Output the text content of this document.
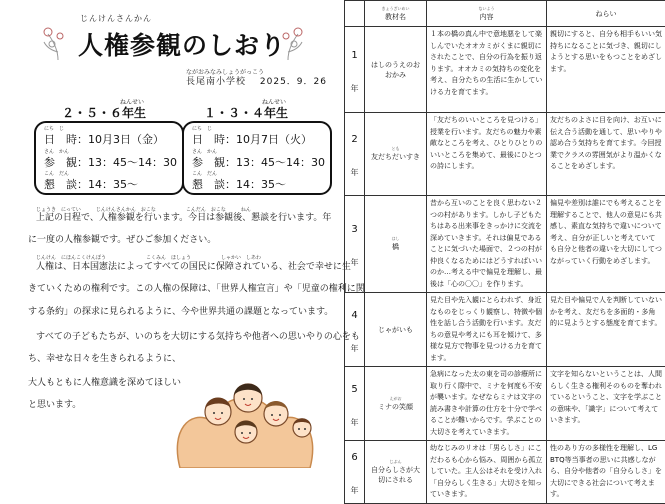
じんけんさんかん
人権参観のしおり
ながおみなみしょうがっこう
長尾南小学校 2025．9．26
ねんせい
２・５・６年生
にち　じ
日　時：10月3日（金）
さん　かん
参　観：13：45～14：30
こん　だん
懇　談：14：35～
ねんせい
１・３・４年生
にち　じ
日　時：10月7日（火）
さん　かん
参　観：13：45～14：30
こん　だん
懇　談：14：35～
じょうき　にってい　　　じんけんさんかん　おこな　　　　　　こんだん　おこな　　　ねん
上記の日程で、人権参観を行います。今日は参観後、懇談を行います。年
に一度の人権参観です。ぜひご参加ください。
じんけん　にほんこくけんぽう　　　　　　　　こくみん　ほしょう　　　　　　しゃかい　しあわ
人権は、日本国憲法によってすべての国民に保障されている、社会で幸せに生
きていくための権利です。この人権の保障は、「世界人権宣言」や「児童の権利に関
する条約」の探求に見られるように、今や世界共通の課題となっています。
すべての子どもたちが、いのちを大切にする気持ちや他者への思いやりの心をも
ち、幸せな日々を生きられるように、
大人もともに人権意識を深めてほしい
と思います。

	きょうざいめい
教材名	ないよう
内容	ねらい

1
年	はしのうえのおおかみ	１本の橋の真ん中で意地悪をして楽しんでいたオオカミがくまに親切にされたことで、自分の行為を振り返ります。オオカミの気持ちの変化を考え、自分たちの生活に生かしていける力を育てます。	親切にすると、自分も相手もいい気持ちになることに気づき、親切にしようとする思いをもつことをめざします。

2
年	とも
友だちだいすき	「友だちのいいところを見つける」授業を行います。友だちの魅力や素敵なところを考え、ひとりひとりのいいところを集めて、最後にひとつの詩にします。	友だちのよさに目を向け、お互いに伝え合う活動を通して、思いやりや認め合う気持ちを育てます。今回授業でクラスの雰囲気がより温かくなることをめざします。

3
年	はし
橋	昔から互いのことを良く思わない２つの村があります。しかし子どもたちはある出来事をきっかけに交流を深めていきます。それは偏見であることに気づいた場面で、２つの村が仲良くなるためにはどうすればいいのか…考える中で偏見を理解し、最後は「心の〇〇」を作ります。	偏見や差別は誰にでも考えることを理解することで、他人の意見にも共感し、素直な気持ちで違いについて考え、自分が正しいと考えていても自分と他者の違いを大切にしてつながっていく行動をめざします。

4
年	じゃがいも	見た目や先入観にとらわれず、身近なものをじっくり観察し、特徴や個性を話し合う活動を行います。友だちの意見や考えにも耳を傾けて、多様な見方で物事を見つける力を育てます。	見た目や偏見で人を判断していないかを考え、友だちを多面的・多角的に見ようとする態度を育てます。

5
年	えがお
ミナの笑顔	急病になった太の東を司の診療所に取り行く際中で、ミナを何度も不安が襲います。なぜならミナは文字の読み書きや計算の仕方を十分で学べることが難いからです。学ぶことの大切さを考えていきます。	文字を知らないということは、人間らしく生きる権利そのものを奪われているということ、文字を学ぶことの意味や、「識字」について考えていきます。

6
年	じぶん
自分らしさが大切にされる	幼なじみのリオは「男らしさ」にこだわるも心から悩み、周囲から孤立していた。主人公はそれを受け入れ「自分らしく生きる」大切さを知っていきます。	性のあり方の多様性を理解し、LGBTQ等当事者の思いに共感しながら、自分や他者の「自分らしさ」を大切にできる社会について考えます。
